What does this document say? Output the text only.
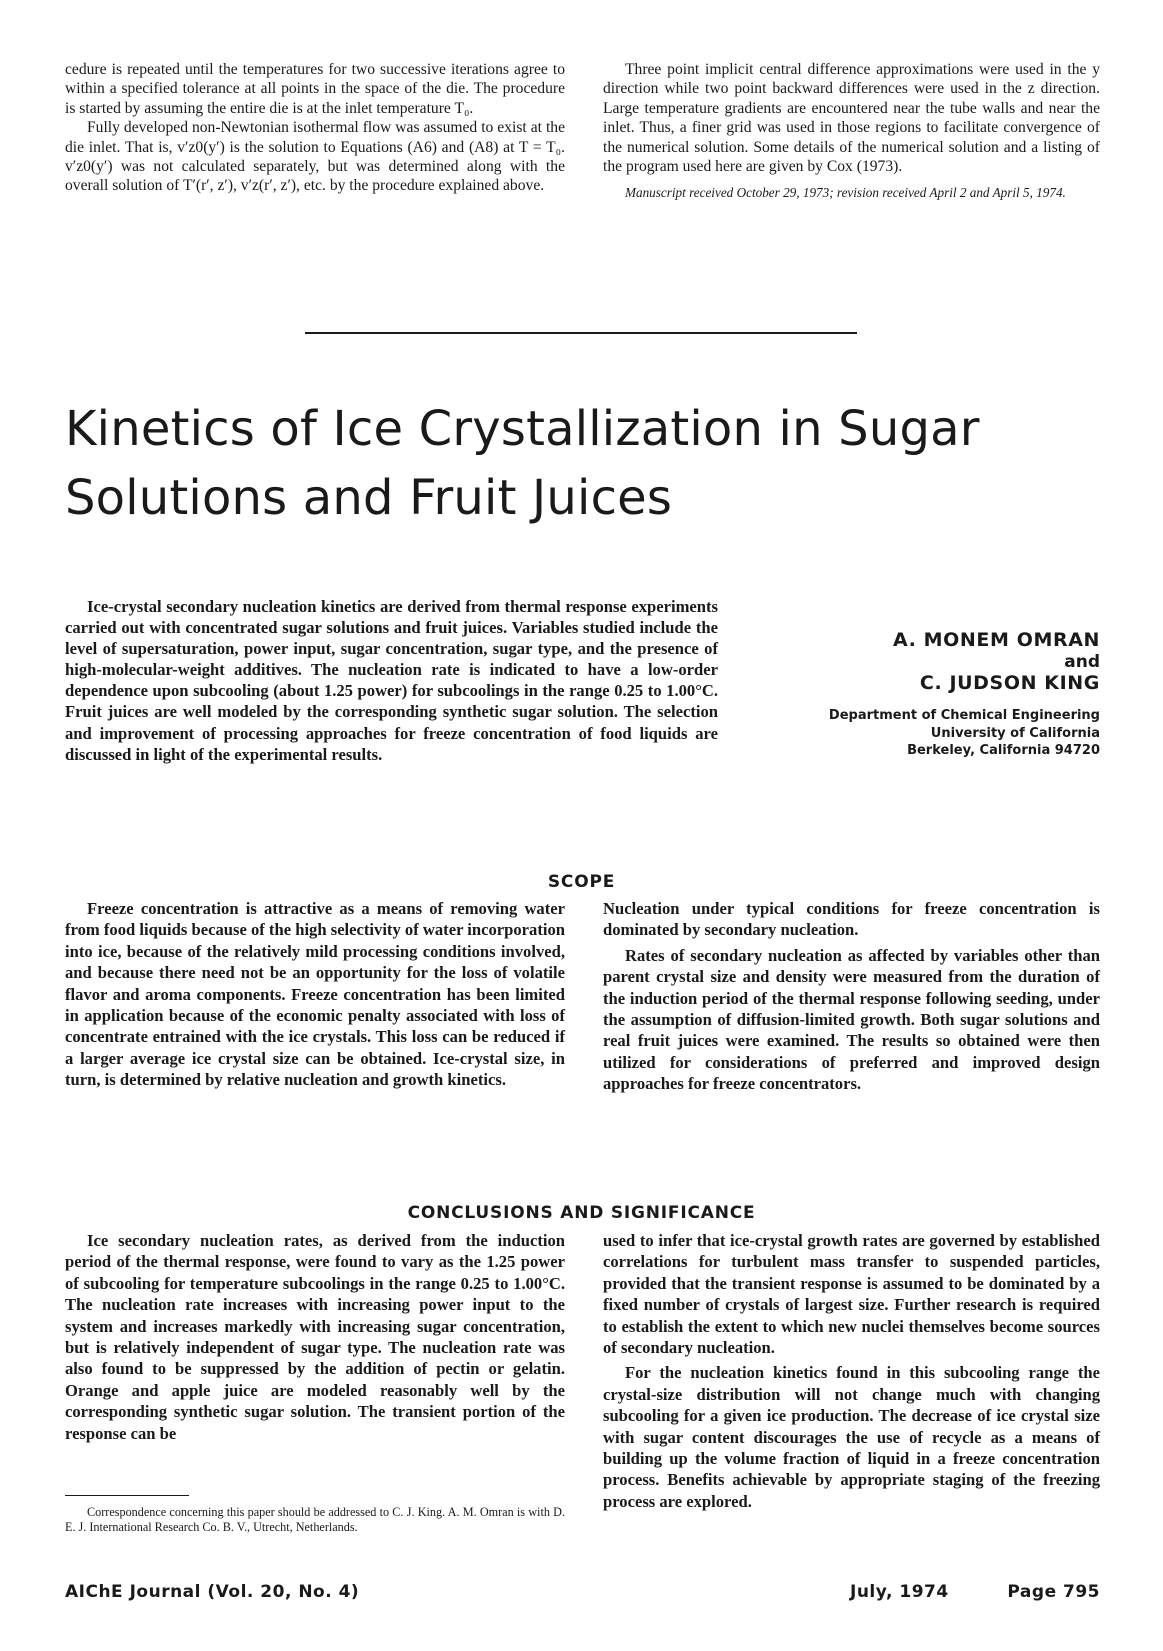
cedure is repeated until the temperatures for two successive iterations agree to within a specified tolerance at all points in the space of the die. The procedure is started by assuming the entire die is at the inlet temperature T₀.

Fully developed non-Newtonian isothermal flow was assumed to exist at the die inlet. That is, v′z0(y′) is the solution to Equations (A6) and (A8) at T = T₀. v′z0(y′) was not calculated separately, but was determined along with the overall solution of T′(r′, z′), v′z(r′, z′), etc. by the procedure explained above.

Three point implicit central difference approximations were used in the y direction while two point backward differences were used in the z direction. Large temperature gradients are encountered near the tube walls and near the inlet. Thus, a finer grid was used in those regions to facilitate convergence of the numerical solution. Some details of the numerical solution and a listing of the program used here are given by Cox (1973).

Manuscript received October 29, 1973; revision received April 2 and April 5, 1974.

Kinetics of Ice Crystallization in Sugar Solutions and Fruit Juices

Ice-crystal secondary nucleation kinetics are derived from thermal response experiments carried out with concentrated sugar solutions and fruit juices. Variables studied include the level of supersaturation, power input, sugar concentration, sugar type, and the presence of high-molecular-weight additives. The nucleation rate is indicated to have a low-order dependence upon subcooling (about 1.25 power) for subcoolings in the range 0.25 to 1.00°C. Fruit juices are well modeled by the corresponding synthetic sugar solution. The selection and improvement of processing approaches for freeze concentration of food liquids are discussed in light of the experimental results.

A. MONEM OMRAN
and
C. JUDSON KING
Department of Chemical Engineering
University of California
Berkeley, California 94720
SCOPE

Freeze concentration is attractive as a means of removing water from food liquids because of the high selectivity of water incorporation into ice, because of the relatively mild processing conditions involved, and because there need not be an opportunity for the loss of volatile flavor and aroma components. Freeze concentration has been limited in application because of the economic penalty associated with loss of concentrate entrained with the ice crystals. This loss can be reduced if a larger average ice crystal size can be obtained. Ice-crystal size, in turn, is determined by relative nucleation and growth kinetics.

Nucleation under typical conditions for freeze concentration is dominated by secondary nucleation.

Rates of secondary nucleation as affected by variables other than parent crystal size and density were measured from the duration of the induction period of the thermal response following seeding, under the assumption of diffusion-limited growth. Both sugar solutions and real fruit juices were examined. The results so obtained were then utilized for considerations of preferred and improved design approaches for freeze concentrators.

CONCLUSIONS AND SIGNIFICANCE

Ice secondary nucleation rates, as derived from the induction period of the thermal response, were found to vary as the 1.25 power of subcooling for temperature subcoolings in the range 0.25 to 1.00°C. The nucleation rate increases with increasing power input to the system and increases markedly with increasing sugar concentration, but is relatively independent of sugar type. The nucleation rate was also found to be suppressed by the addition of pectin or gelatin. Orange and apple juice are modeled reasonably well by the corresponding synthetic sugar solution. The transient portion of the response can be

used to infer that ice-crystal growth rates are governed by established correlations for turbulent mass transfer to suspended particles, provided that the transient response is assumed to be dominated by a fixed number of crystals of largest size. Further research is required to establish the extent to which new nuclei themselves become sources of secondary nucleation.

For the nucleation kinetics found in this subcooling range the crystal-size distribution will not change much with changing subcooling for a given ice production. The decrease of ice crystal size with sugar content discourages the use of recycle as a means of building up the volume fraction of liquid in a freeze concentration process. Benefits achievable by appropriate staging of the freezing process are explored.

Correspondence concerning this paper should be addressed to C. J. King. A. M. Omran is with D. E. J. International Research Co. B. V., Utrecht, Netherlands.
AIChE Journal (Vol. 20, No. 4)	July, 1974	Page 795
